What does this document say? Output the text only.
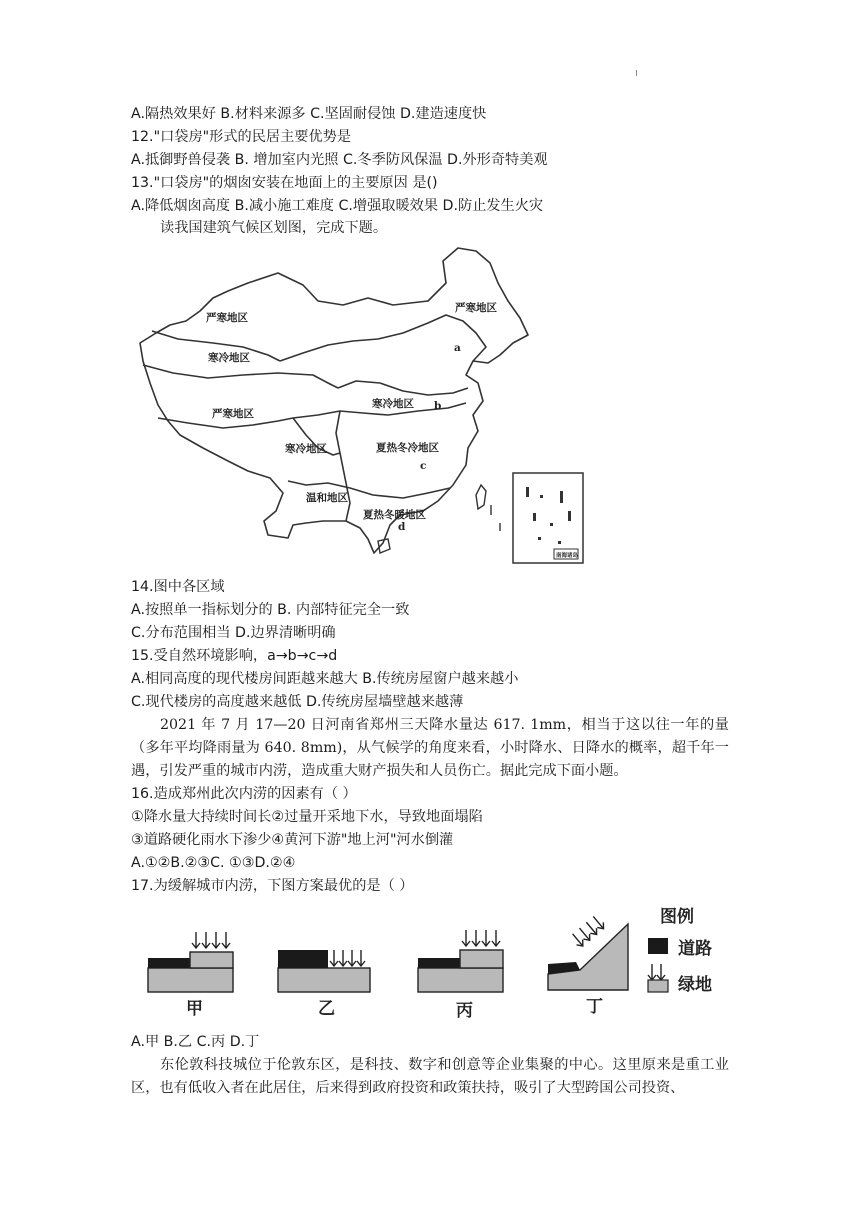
A.隔热效果好 B.材料来源多 C.坚固耐侵蚀 D.建造速度快
12."口袋房"形式的民居主要优势是
A.抵御野兽侵袭 B. 增加室内光照 C.冬季防风保温 D.外形奇特美观
13."口袋房"的烟囱安装在地面上的主要原因 是()
A.降低烟囱高度 B.减小施工难度 C.增强取暖效果 D.防止发生火灾
读我国建筑气候区划图，完成下题。
南海诸岛
严寒地区
严寒地区
寒冷地区
严寒地区
寒冷地区
寒冷地区	夏热冬冷地区
温和地区
夏热冬暖地区
a
b
c
d
14.图中各区域
A.按照单一指标划分的 B. 内部特征完全一致
C.分布范围相当 D.边界清晰明确
15.受自然环境影响，a→b→c→d
A.相同高度的现代楼房间距越来越大 B.传统房屋窗户越来越小
C.现代楼房的高度越来越低 D.传统房屋墙壁越来越薄

2021 年 7 月 17—20 日河南省郑州三天降水量达 617. 1mm，相当于这以往一年的量（多年平均降雨量为 640. 8mm)，从气候学的角度来看，小时降水、日降水的概率，超千年一遇，引发严重的城市内涝，造成重大财产损失和人员伤亡。据此完成下面小题。

16.造成郑州此次内涝的因素有（ ）
①降水量大持续时间长②过量开采地下水，导致地面塌陷
③道路硬化雨水下渗少④黄河下游"地上河"河水倒灌
A.①②B.②③C. ①③D.②④
17.为缓解城市内涝，下图方案最优的是（ ）
甲	乙	丙	丁
图例
道路
绿地
A.甲 B.乙 C.丙 D.丁

东伦敦科技城位于伦敦东区，是科技、数字和创意等企业集聚的中心。这里原来是重工业区，也有低收入者在此居住，后来得到政府投资和政策扶持，吸引了大型跨国公司投资、
